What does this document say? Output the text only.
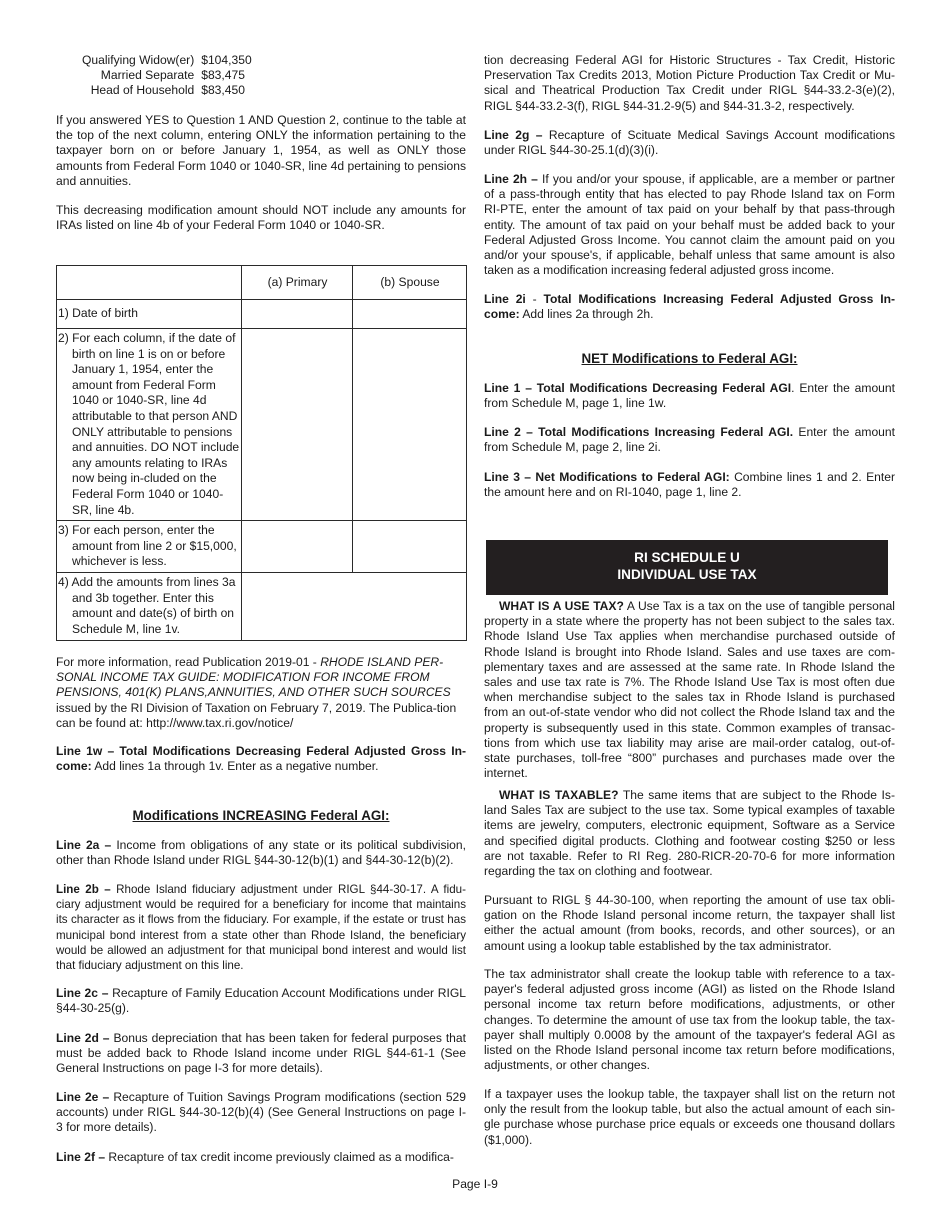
Qualifying Widow(er)	$104,350
Married Separate	$83,475
Head of Household	$83,450

If you answered YES to Question 1 AND Question 2, continue to the table at the top of the next column, entering ONLY the information pertaining to the taxpayer born on or before January 1, 1954, as well as ONLY those amounts from Federal Form 1040 or 1040-SR, line 4d pertaining to pensions and annuities.

This decreasing modification amount should NOT include any amounts for IRAs listed on line 4b of your Federal Form 1040 or 1040-SR.

	(a) Primary	(b) Spouse

1) Date of birth		

2) For each column, if the date of birth on line 1 is on or before January 1, 1954, enter the amount from Federal Form 1040 or 1040-SR, line 4d attributable to that person AND ONLY attributable to pensions and annuities. DO NOT include any amounts relating to IRAs now being in-cluded on the Federal Form 1040 or 1040-SR, line 4b.		

3) For each person, enter the amount from line 2 or $15,000, whichever is less.		

4) Add the amounts from lines 3a and 3b together. Enter this amount and date(s) of birth on Schedule M, line 1v.		

For more information, read Publication 2019-01 - RHODE ISLAND PER-SONAL INCOME TAX GUIDE: MODIFICATION FOR INCOME FROM PENSIONS, 401(K) PLANS,ANNUITIES, AND OTHER SUCH SOURCES issued by the RI Division of Taxation on February 7, 2019. The Publica-tion can be found at: http://www.tax.ri.gov/notice/

Line 1w – Total Modifications Decreasing Federal Adjusted Gross In-come: Add lines 1a through 1v. Enter as a negative number.

Modifications INCREASING Federal AGI:

Line 2a – Income from obligations of any state or its political subdivision, other than Rhode Island under RIGL §44-30-12(b)(1) and §44-30-12(b)(2).

Line 2b – Rhode Island fiduciary adjustment under RIGL §44-30-17. A fidu-ciary adjustment would be required for a beneficiary for income that maintains its character as it flows from the fiduciary. For example, if the estate or trust has municipal bond interest from a state other than Rhode Island, the beneficiary would be allowed an adjustment for that municipal bond interest and would list that fiduciary adjustment on this line.

Line 2c – Recapture of Family Education Account Modifications under RIGL §44-30-25(g).

Line 2d – Bonus depreciation that has been taken for federal purposes that must be added back to Rhode Island income under RIGL §44-61-1 (See General Instructions on page I-3 for more details).

Line 2e – Recapture of Tuition Savings Program modifications (section 529 accounts) under RIGL §44-30-12(b)(4) (See General Instructions on page I-3 for more details).

Line 2f – Recapture of tax credit income previously claimed as a modifica-

tion decreasing Federal AGI for Historic Structures - Tax Credit, Historic Preservation Tax Credits 2013, Motion Picture Production Tax Credit or Mu-sical and Theatrical Production Tax Credit under RIGL §44-33.2-3(e)(2), RIGL §44-33.2-3(f), RIGL §44-31.2-9(5) and §44-31.3-2, respectively.

Line 2g – Recapture of Scituate Medical Savings Account modifications under RIGL §44-30-25.1(d)(3)(i).

Line 2h – If you and/or your spouse, if applicable, are a member or partner of a pass-through entity that has elected to pay Rhode Island tax on Form RI-PTE, enter the amount of tax paid on your behalf by that pass-through entity. The amount of tax paid on your behalf must be added back to your Federal Adjusted Gross Income. You cannot claim the amount paid on you and/or your spouse's, if applicable, behalf unless that same amount is also taken as a modification increasing federal adjusted gross income.

Line 2i - Total Modifications Increasing Federal Adjusted Gross In-come: Add lines 2a through 2h.

NET Modifications to Federal AGI:

Line 1 – Total Modifications Decreasing Federal AGI. Enter the amount from Schedule M, page 1, line 1w.

Line 2 – Total Modifications Increasing Federal AGI. Enter the amount from Schedule M, page 2, line 2i.

Line 3 – Net Modifications to Federal AGI: Combine lines 1 and 2. Enter the amount here and on RI-1040, page 1, line 2.

RI SCHEDULE U
INDIVIDUAL USE TAX

WHAT IS A USE TAX? A Use Tax is a tax on the use of tangible personal property in a state where the property has not been subject to the sales tax. Rhode Island Use Tax applies when merchandise purchased outside of Rhode Island is brought into Rhode Island. Sales and use taxes are com-plementary taxes and are assessed at the same rate. In Rhode Island the sales and use tax rate is 7%. The Rhode Island Use Tax is most often due when merchandise subject to the sales tax in Rhode Island is purchased from an out-of-state vendor who did not collect the Rhode Island tax and the property is subsequently used in this state. Common examples of transac-tions from which use tax liability may arise are mail-order catalog, out-of-state purchases, toll-free “800” purchases and purchases made over the internet.

WHAT IS TAXABLE? The same items that are subject to the Rhode Is-land Sales Tax are subject to the use tax. Some typical examples of taxable items are jewelry, computers, electronic equipment, Software as a Service and specified digital products. Clothing and footwear costing $250 or less are not taxable. Refer to RI Reg. 280-RICR-20-70-6 for more information regarding the tax on clothing and footwear.

Pursuant to RIGL § 44-30-100, when reporting the amount of use tax obli-gation on the Rhode Island personal income return, the taxpayer shall list either the actual amount (from books, records, and other sources), or an amount using a lookup table established by the tax administrator.

The tax administrator shall create the lookup table with reference to a tax-payer's federal adjusted gross income (AGI) as listed on the Rhode Island personal income tax return before modifications, adjustments, or other changes. To determine the amount of use tax from the lookup table, the tax-payer shall multiply 0.0008 by the amount of the taxpayer's federal AGI as listed on the Rhode Island personal income tax return before modifications, adjustments, or other changes.

If a taxpayer uses the lookup table, the taxpayer shall list on the return not only the result from the lookup table, but also the actual amount of each sin-gle purchase whose purchase price equals or exceeds one thousand dollars ($1,000).

Page I-9
